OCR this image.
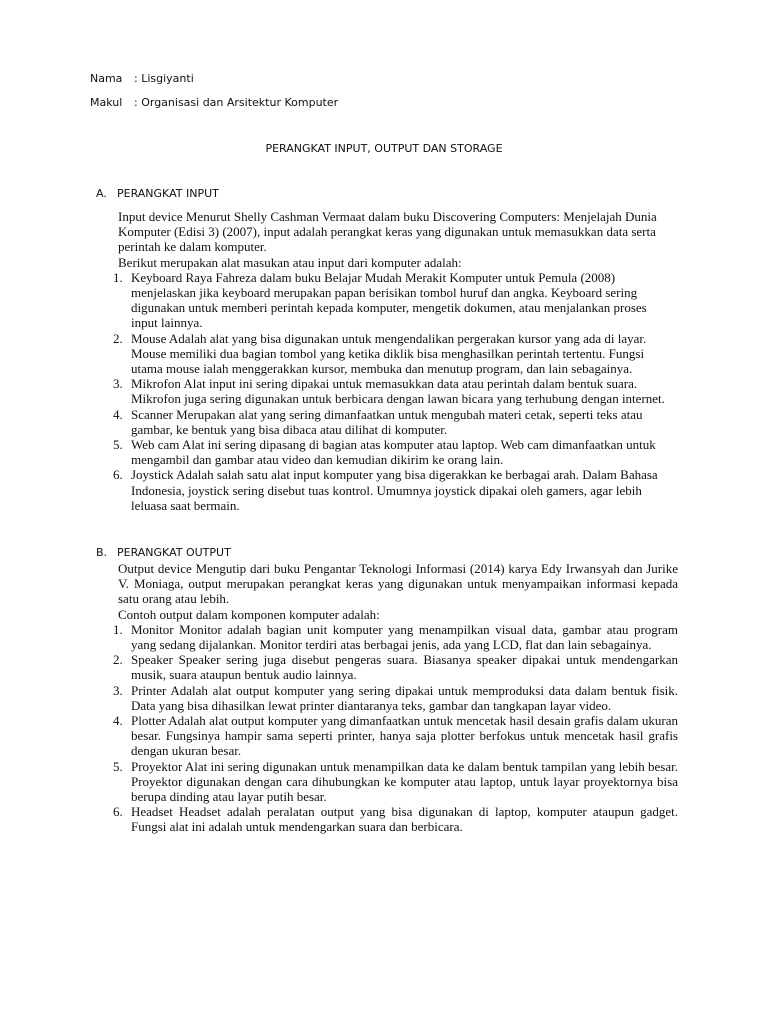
Nama	: Lisgiyanti
Makul	: Organisasi dan Arsitektur Komputer
PERANGKAT INPUT, OUTPUT DAN STORAGE
A. PERANGKAT INPUT

Input device Menurut Shelly Cashman Vermaat dalam buku Discovering Computers: Menjelajah Dunia Komputer (Edisi 3) (2007), input adalah perangkat keras yang digunakan untuk memasukkan data serta perintah ke dalam komputer.

Berikut merupakan alat masukan atau input dari komputer adalah:

1. Keyboard Raya Fahreza dalam buku Belajar Mudah Merakit Komputer untuk Pemula (2008) menjelaskan jika keyboard merupakan papan berisikan tombol huruf dan angka. Keyboard sering digunakan untuk memberi perintah kepada komputer, mengetik dokumen, atau menjalankan proses input lainnya.
2. Mouse Adalah alat yang bisa digunakan untuk mengendalikan pergerakan kursor yang ada di layar. Mouse memiliki dua bagian tombol yang ketika diklik bisa menghasilkan perintah tertentu. Fungsi utama mouse ialah menggerakkan kursor, membuka dan menutup program, dan lain sebagainya.
3. Mikrofon Alat input ini sering dipakai untuk memasukkan data atau perintah dalam bentuk suara. Mikrofon juga sering digunakan untuk berbicara dengan lawan bicara yang terhubung dengan internet.
4. Scanner Merupakan alat yang sering dimanfaatkan untuk mengubah materi cetak, seperti teks atau gambar, ke bentuk yang bisa dibaca atau dilihat di komputer.
5. Web cam Alat ini sering dipasang di bagian atas komputer atau laptop. Web cam dimanfaatkan untuk mengambil dan gambar atau video dan kemudian dikirim ke orang lain.
6. Joystick Adalah salah satu alat input komputer yang bisa digerakkan ke berbagai arah. Dalam Bahasa Indonesia, joystick sering disebut tuas kontrol. Umumnya joystick dipakai oleh gamers, agar lebih leluasa saat bermain.
B. PERANGKAT OUTPUT

Output device Mengutip dari buku Pengantar Teknologi Informasi (2014) karya Edy Irwansyah dan Jurike V. Moniaga, output merupakan perangkat keras yang digunakan untuk menyampaikan informasi kepada satu orang atau lebih.

Contoh output dalam komponen komputer adalah:

1. Monitor Monitor adalah bagian unit komputer yang menampilkan visual data, gambar atau program yang sedang dijalankan. Monitor terdiri atas berbagai jenis, ada yang LCD, flat dan lain sebagainya.
2. Speaker Speaker sering juga disebut pengeras suara. Biasanya speaker dipakai untuk mendengarkan musik, suara ataupun bentuk audio lainnya.
3. Printer Adalah alat output komputer yang sering dipakai untuk memproduksi data dalam bentuk fisik. Data yang bisa dihasilkan lewat printer diantaranya teks, gambar dan tangkapan layar video.
4. Plotter Adalah alat output komputer yang dimanfaatkan untuk mencetak hasil desain grafis dalam ukuran besar. Fungsinya hampir sama seperti printer, hanya saja plotter berfokus untuk mencetak hasil grafis dengan ukuran besar.
5. Proyektor Alat ini sering digunakan untuk menampilkan data ke dalam bentuk tampilan yang lebih besar. Proyektor digunakan dengan cara dihubungkan ke komputer atau laptop, untuk layar proyektornya bisa berupa dinding atau layar putih besar.
6. Headset Headset adalah peralatan output yang bisa digunakan di laptop, komputer ataupun gadget. Fungsi alat ini adalah untuk mendengarkan suara dan berbicara.
